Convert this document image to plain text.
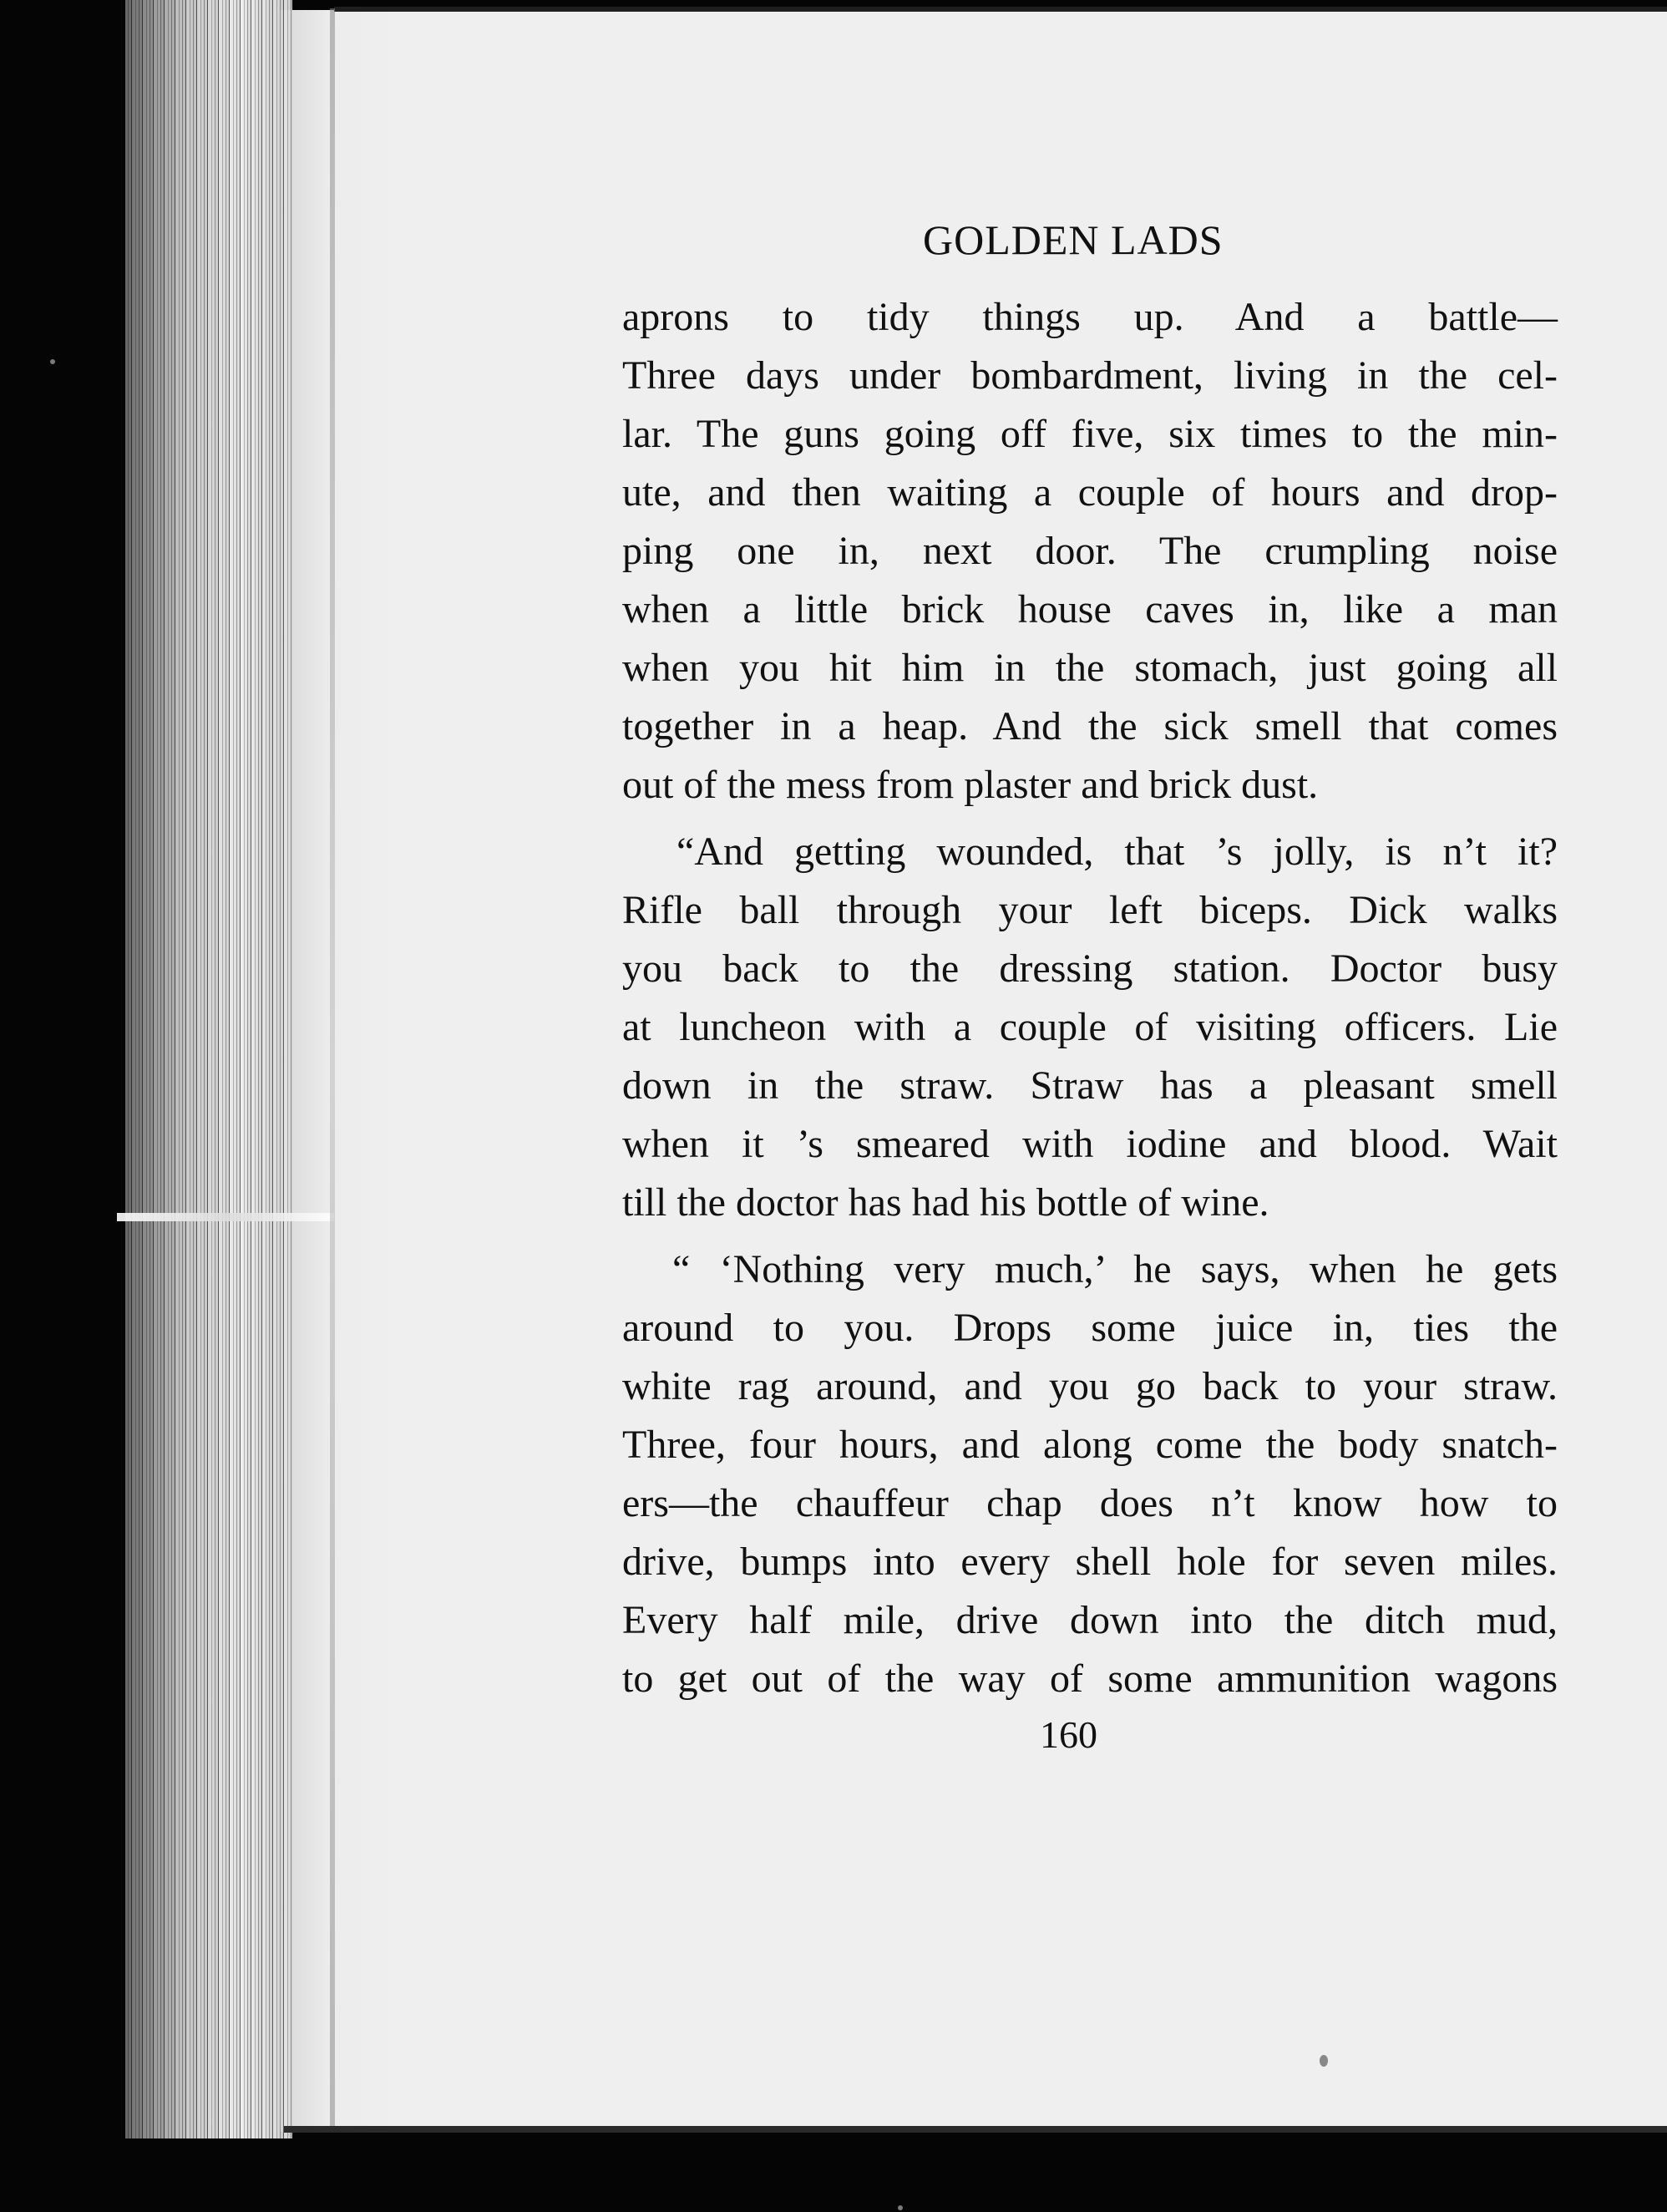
GOLDEN LADS
aprons to tidy things up. And a battle—
Three days under bombardment, living in the cel-
lar. The guns going off five, six times to the min-
ute, and then waiting a couple of hours and drop-
ping one in, next door. The crumpling noise
when a little brick house caves in, like a man
when you hit him in the stomach, just going all
together in a heap. And the sick smell that comes
out of the mess from plaster and brick dust.
“And getting wounded, that ’s jolly, is n’t it?
Rifle ball through your left biceps. Dick walks
you back to the dressing station. Doctor busy
at luncheon with a couple of visiting officers. Lie
down in the straw. Straw has a pleasant smell
when it ’s smeared with iodine and blood. Wait
till the doctor has had his bottle of wine.
“ ‘Nothing very much,’ he says, when he gets
around to you. Drops some juice in, ties the
white rag around, and you go back to your straw.
Three, four hours, and along come the body snatch-
ers—the chauffeur chap does n’t know how to
drive, bumps into every shell hole for seven miles.
Every half mile, drive down into the ditch mud,
to get out of the way of some ammunition wagons
160
